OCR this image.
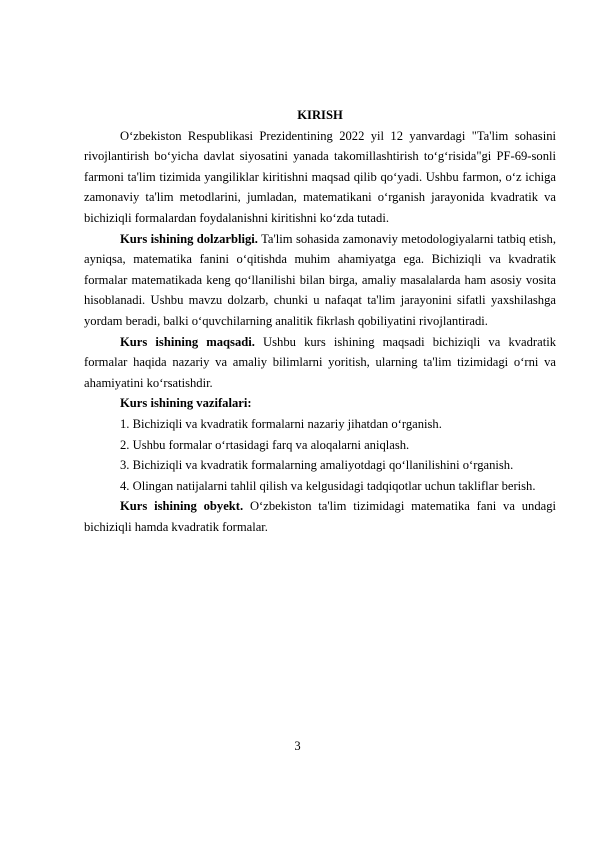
KIRISH

O‘zbekiston Respublikasi Prezidentining 2022 yil 12 yanvardagi "Ta'lim sohasini rivojlantirish bo‘yicha davlat siyosatini yanada takomillashtirish to‘g‘risida"gi PF-69-sonli farmoni ta'lim tizimida yangiliklar kiritishni maqsad qilib qo‘yadi. Ushbu farmon, o‘z ichiga zamonaviy ta'lim metodlarini, jumladan, matematikani o‘rganish jarayonida kvadratik va bichiziqli formalardan foydalanishni kiritishni ko‘zda tutadi.

Kurs ishining dolzarbligi. Ta'lim sohasida zamonaviy metodologiyalarni tatbiq etish, ayniqsa, matematika fanini o‘qitishda muhim ahamiyatga ega. Bichiziqli va kvadratik formalar matematikada keng qo‘llanilishi bilan birga, amaliy masalalarda ham asosiy vosita hisoblanadi. Ushbu mavzu dolzarb, chunki u nafaqat ta'lim jarayonini sifatli yaxshilashga yordam beradi, balki o‘quvchilarning analitik fikrlash qobiliyatini rivojlantiradi.

Kurs ishining maqsadi. Ushbu kurs ishining maqsadi bichiziqli va kvadratik formalar haqida nazariy va amaliy bilimlarni yoritish, ularning ta'lim tizimidagi o‘rni va ahamiyatini ko‘rsatishdir.

Kurs ishining vazifalari:

1. Bichiziqli va kvadratik formalarni nazariy jihatdan o‘rganish.

2. Ushbu formalar o‘rtasidagi farq va aloqalarni aniqlash.

3. Bichiziqli va kvadratik formalarning amaliyotdagi qo‘llanilishini o‘rganish.

4. Olingan natijalarni tahlil qilish va kelgusidagi tadqiqotlar uchun takliflar berish.

Kurs ishining obyekt. O‘zbekiston ta'lim tizimidagi matematika fani va undagi bichiziqli hamda kvadratik formalar.

3
